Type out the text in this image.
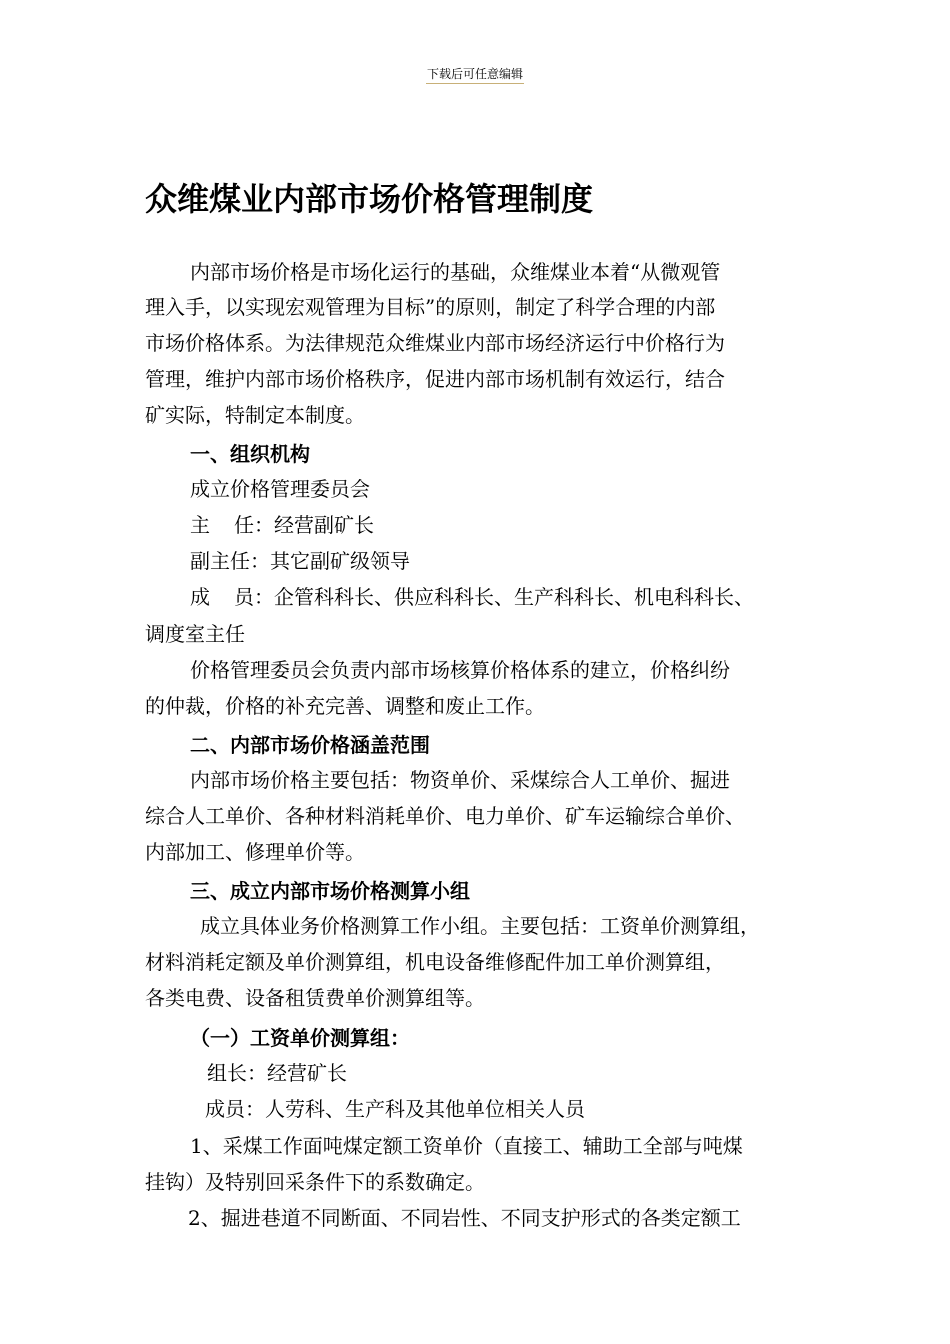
下载后可任意编辑
众维煤业内部市场价格管理制度
内部市场价格是市场化运行的基础，众维煤业本着“从微观管
理入手，以实现宏观管理为目标”的原则，制定了科学合理的内部
市场价格体系。为法律规范众维煤业内部市场经济运行中价格行为
管理，维护内部市场价格秩序，促进内部市场机制有效运行，结合
矿实际，特制定本制度。
一、组织机构
成立价格管理委员会
主 任：经营副矿长
副主任：其它副矿级领导
成 员：企管科科长、供应科科长、生产科科长、机电科科长、
调度室主任
价格管理委员会负责内部市场核算价格体系的建立，价格纠纷
的仲裁，价格的补充完善、调整和废止工作。
二、内部市场价格涵盖范围
内部市场价格主要包括：物资单价、采煤综合人工单价、掘进
综合人工单价、各种材料消耗单价、电力单价、矿车运输综合单价、
内部加工、修理单价等。
三、成立内部市场价格测算小组
成立具体业务价格测算工作小组。主要包括：工资单价测算组，
材料消耗定额及单价测算组，机电设备维修配件加工单价测算组，
各类电费、设备租赁费单价测算组等。
（一）工资单价测算组：
组长：经营矿长
成员：人劳科、生产科及其他单位相关人员
1、采煤工作面吨煤定额工资单价（直接工、辅助工全部与吨煤
挂钩）及特别回采条件下的系数确定。
2、掘进巷道不同断面、不同岩性、不同支护形式的各类定额工
